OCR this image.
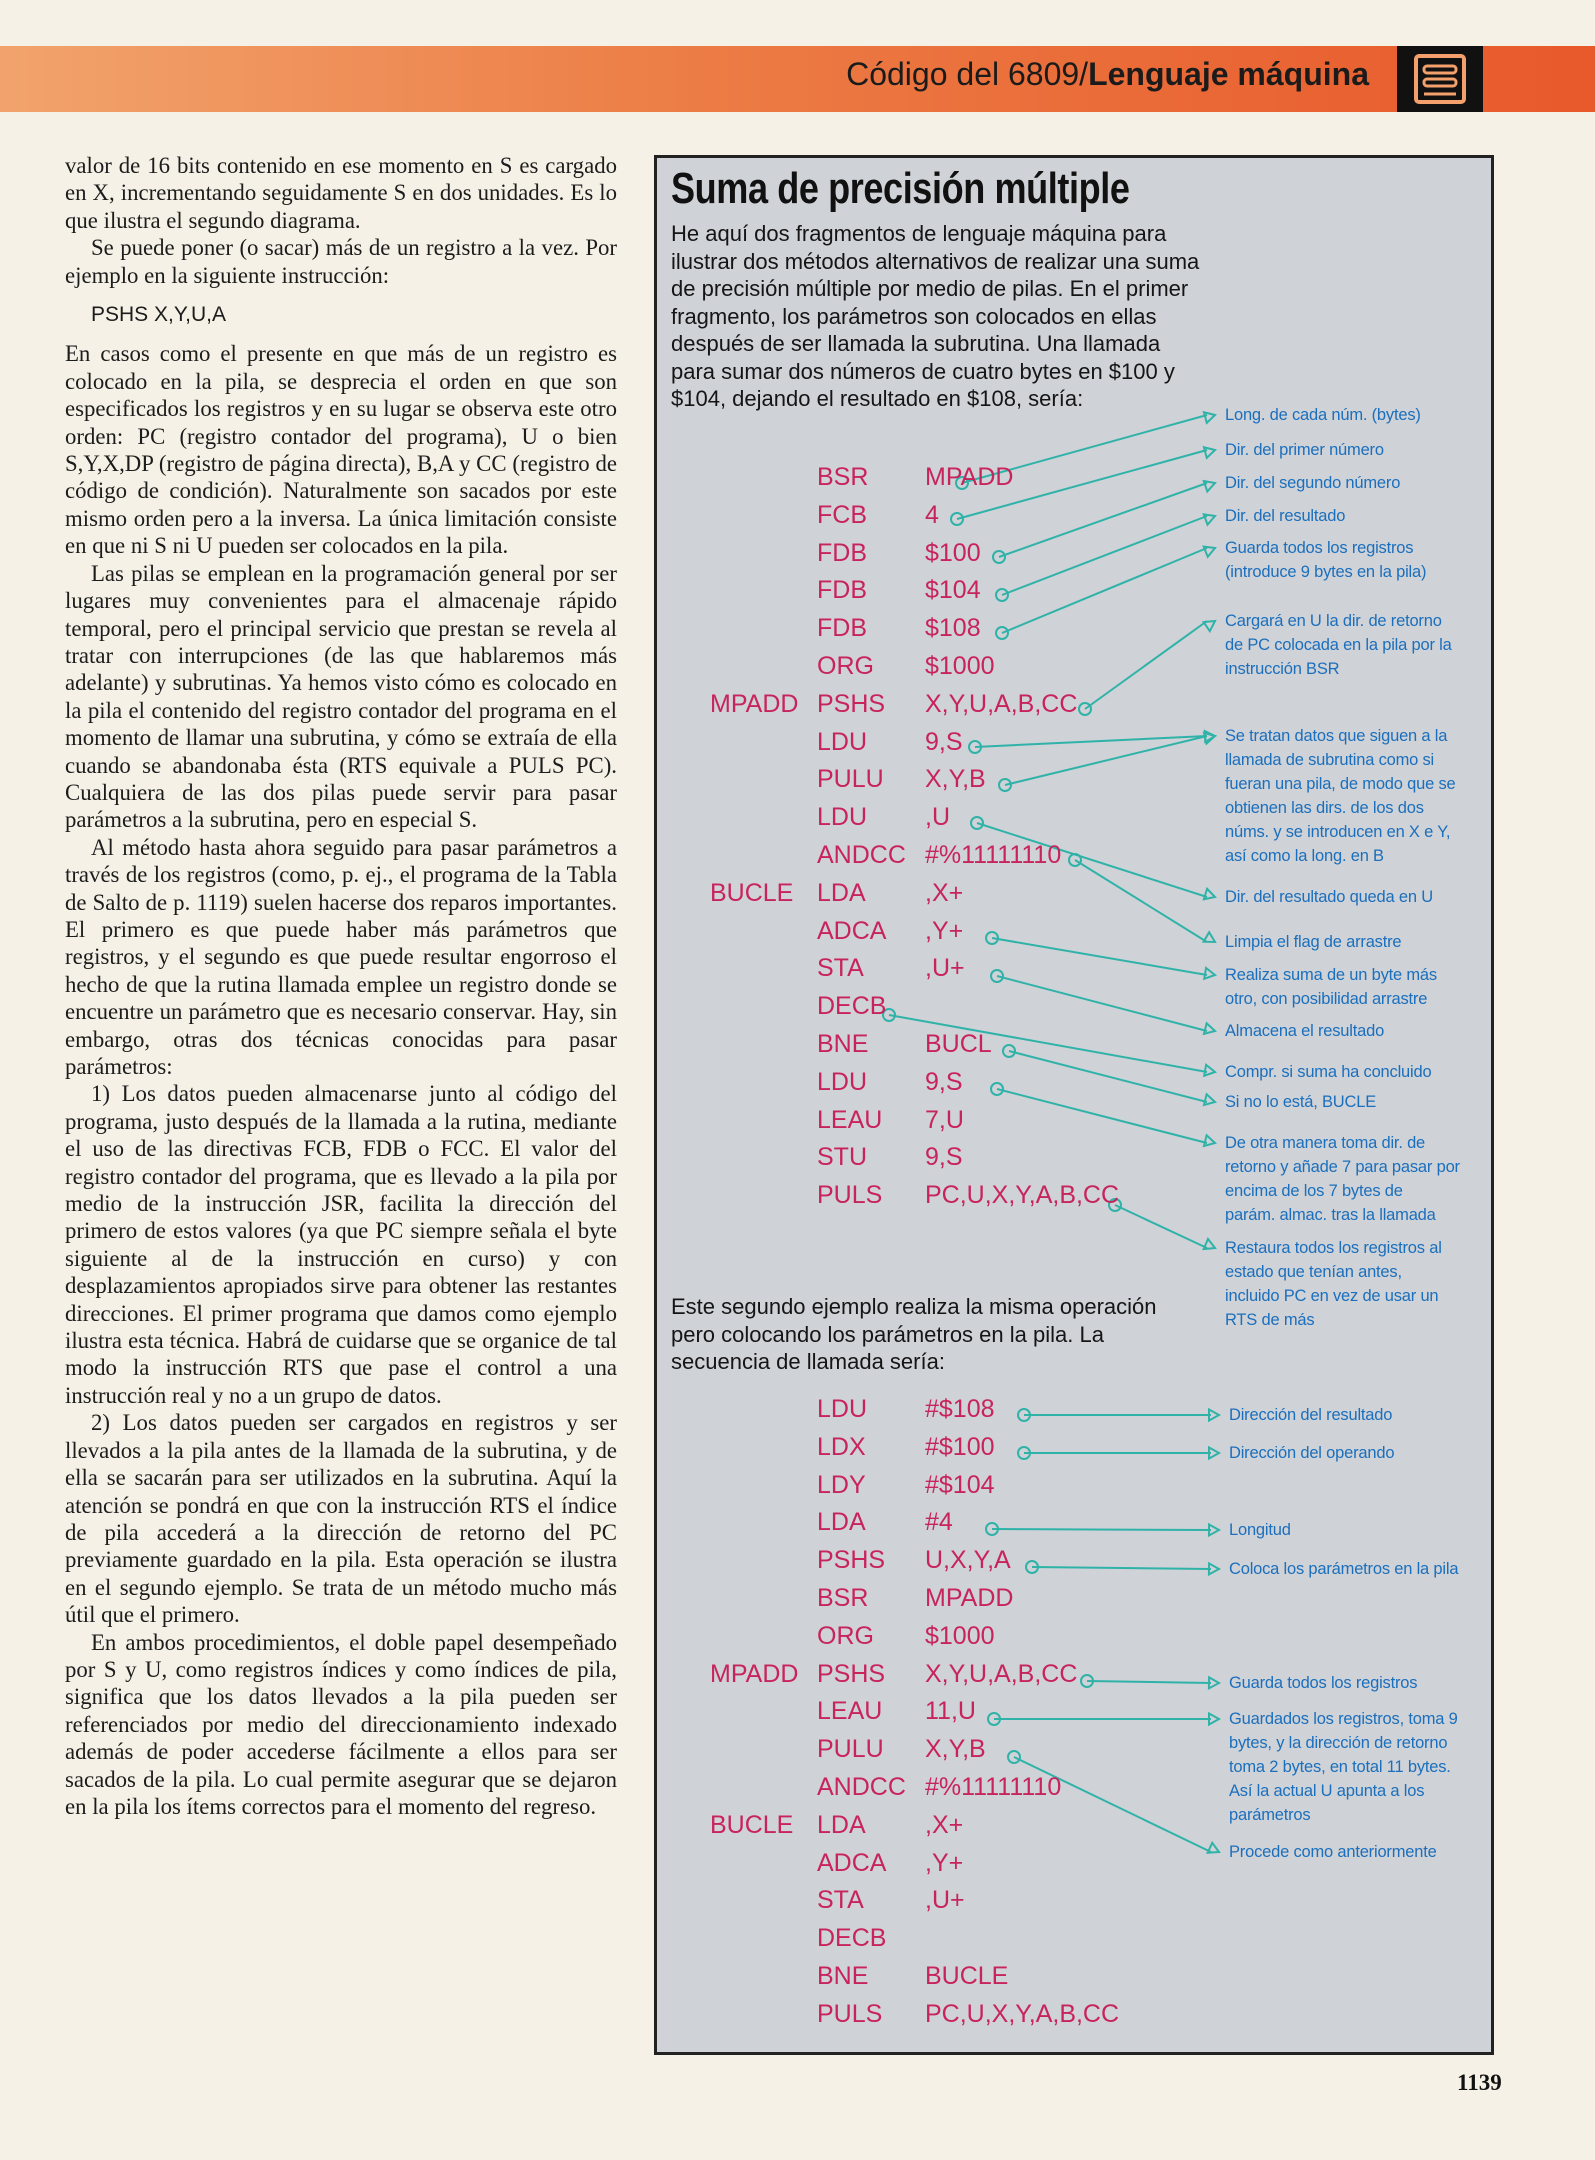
Código del 6809/Lenguaje máquina

valor de 16 bits contenido en ese momento en S es cargado en X, incrementando seguidamente S en dos unidades. Es lo que ilustra el segundo diagrama.

Se puede poner (o sacar) más de un registro a la vez. Por ejemplo en la siguiente instrucción:

PSHS X,Y,U,A

En casos como el presente en que más de un registro es colocado en la pila, se desprecia el orden en que son especificados los registros y en su lugar se observa este otro orden: PC (registro contador del programa), U o bien S,Y,X,DP (registro de página directa), B,A y CC (registro de código de condición). Naturalmente son sacados por este mismo orden pero a la inversa. La única limitación consiste en que ni S ni U pueden ser colocados en la pila.

Las pilas se emplean en la programación general por ser lugares muy convenientes para el almacenaje rápido temporal, pero el principal servicio que prestan se revela al tratar con interrupciones (de las que hablaremos más adelante) y subrutinas. Ya hemos visto cómo es colocado en la pila el contenido del registro contador del programa en el momento de llamar una subrutina, y cómo se extraía de ella cuando se abandonaba ésta (RTS equivale a PULS PC). Cualquiera de las dos pilas puede servir para pasar parámetros a la subrutina, pero en especial S.

Al método hasta ahora seguido para pasar parámetros a través de los registros (como, p. ej., el programa de la Tabla de Salto de p. 1119) suelen hacerse dos reparos importantes. El primero es que puede haber más parámetros que registros, y el segundo es que puede resultar engorroso el hecho de que la rutina llamada emplee un registro donde se encuentre un parámetro que es necesario conservar. Hay, sin embargo, otras dos técnicas conocidas para pasar parámetros:

1) Los datos pueden almacenarse junto al código del programa, justo después de la llamada a la rutina, mediante el uso de las directivas FCB, FDB o FCC. El valor del registro contador del programa, que es llevado a la pila por medio de la instrucción JSR, facilita la dirección del primero de estos valores (ya que PC siempre señala el byte siguiente al de la instrucción en curso) y con desplazamientos apropiados sirve para obtener las restantes direcciones. El primer programa que damos como ejemplo ilustra esta técnica. Habrá de cuidarse que se organice de tal modo la instrucción RTS que pase el control a una instrucción real y no a un grupo de datos.

2) Los datos pueden ser cargados en registros y ser llevados a la pila antes de la llamada de la subrutina, y de ella se sacarán para ser utilizados en la subrutina. Aquí la atención se pondrá en que con la instrucción RTS el índice de pila accederá a la dirección de retorno del PC previamente guardado en la pila. Esta operación se ilustra en el segundo ejemplo. Se trata de un método mucho más útil que el primero.

En ambos procedimientos, el doble papel desempeñado por S y U, como registros índices y como índices de pila, significa que los datos llevados a la pila pueden ser referenciados por medio del direccionamiento indexado además de poder accederse fácilmente a ellos para ser sacados de la pila. Lo cual permite asegurar que se dejaron en la pila los ítems correctos para el momento del regreso.

Suma de precisión múltiple
He aquí dos fragmentos de lenguaje máquina para ilustrar dos métodos alternativos de realizar una suma de precisión múltiple por medio de pilas. En el primer fragmento, los parámetros son colocados en ellas después de ser llamada la subrutina. Una llamada para sumar dos números de cuatro bytes en $100 y $104, dejando el resultado en $108, sería:
Este segundo ejemplo realiza la misma operación pero colocando los parámetros en la pila. La secuencia de llamada sería:
BSR MPADD
FCB 4
FDB $100
FDB $104
FDB $108
ORG $1000
MPADD PSHS X,Y,U,A,B,CC
LDU 9,S
PULU X,Y,B
LDU ,U
ANDCC #%11111110
BUCLE LDA ,X+
ADCA ,Y+
STA ,U+
DECB
BNE BUCL
LDU 9,S
LEAU 7,U
STU 9,S
PULS PC,U,X,Y,A,B,CC
Long. de cada núm. (bytes)
Dir. del primer número
Dir. del segundo número
Dir. del resultado
Guarda todos los registros
(introduce 9 bytes en la pila)
Cargará en U la dir. de retorno
de PC colocada en la pila por la
instrucción BSR
Se tratan datos que siguen a la
llamada de subrutina como si
fueran una pila, de modo que se
obtienen las dirs. de los dos
núms. y se introducen en X e Y,
así como la long. en B
Dir. del resultado queda en U
Limpia el flag de arrastre
Realiza suma de un byte más
otro, con posibilidad arrastre
Almacena el resultado
Compr. si suma ha concluido
Si no lo está, BUCLE
De otra manera toma dir. de
retorno y añade 7 para pasar por
encima de los 7 bytes de
parám. almac. tras la llamada
Restaura todos los registros al
estado que tenían antes,
incluido PC en vez de usar un
RTS de más
LDU #$108
LDX #$100
LDY #$104
LDA #4
PSHS U,X,Y,A
BSR MPADD
ORG $1000
MPADD PSHS X,Y,U,A,B,CC
LEAU 11,U
PULU X,Y,B
ANDCC #%11111110
BUCLE LDA ,X+
ADCA ,Y+
STA ,U+
DECB
BNE BUCLE
PULS PC,U,X,Y,A,B,CC
Dirección del resultado
Dirección del operando
Longitud
Coloca los parámetros en la pila
Guarda todos los registros
Guardados los registros, toma 9
bytes, y la dirección de retorno
toma 2 bytes, en total 11 bytes.
Así la actual U apunta a los
parámetros
Procede como anteriormente
1139
